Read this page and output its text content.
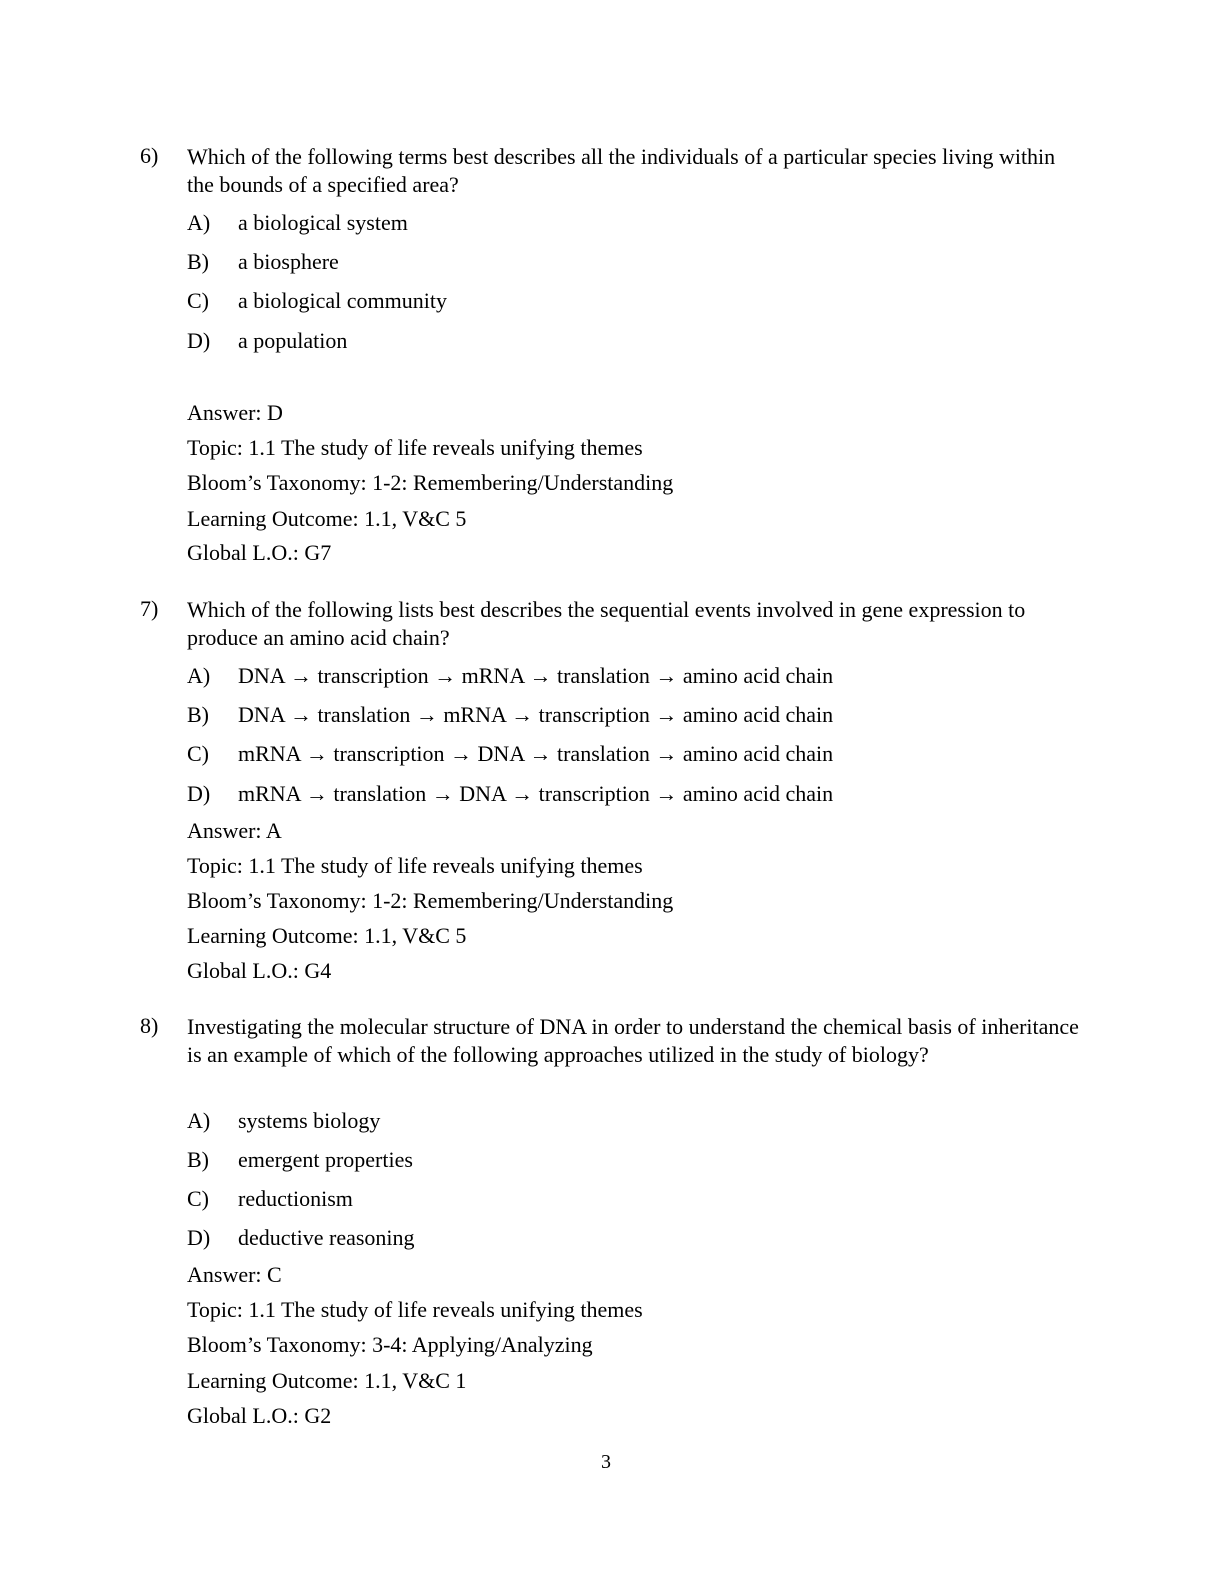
6)	Which of the following terms best describes all the individuals of a particular species living within the bounds of a specified area?
A) a biological system
B) a biosphere
C) a biological community
D) a population
Answer: D
Topic: 1.1 The study of life reveals unifying themes
Bloom’s Taxonomy: 1-2: Remembering/Understanding
Learning Outcome: 1.1, V&C 5
Global L.O.: G7
7)	Which of the following lists best describes the sequential events involved in gene expression to produce an amino acid chain?
A) DNA → transcription → mRNA → translation → amino acid chain
B) DNA → translation → mRNA → transcription → amino acid chain
C) mRNA → transcription → DNA → translation → amino acid chain
D) mRNA → translation → DNA → transcription → amino acid chain
Answer: A
Topic: 1.1 The study of life reveals unifying themes
Bloom’s Taxonomy: 1-2: Remembering/Understanding
Learning Outcome: 1.1, V&C 5
Global L.O.: G4
8)	Investigating the molecular structure of DNA in order to understand the chemical basis of inheritance is an example of which of the following approaches utilized in the study of biology?
A) systems biology
B) emergent properties
C) reductionism
D) deductive reasoning
Answer: C
Topic: 1.1 The study of life reveals unifying themes
Bloom’s Taxonomy: 3-4: Applying/Analyzing
Learning Outcome: 1.1, V&C 1
Global L.O.: G2
3
